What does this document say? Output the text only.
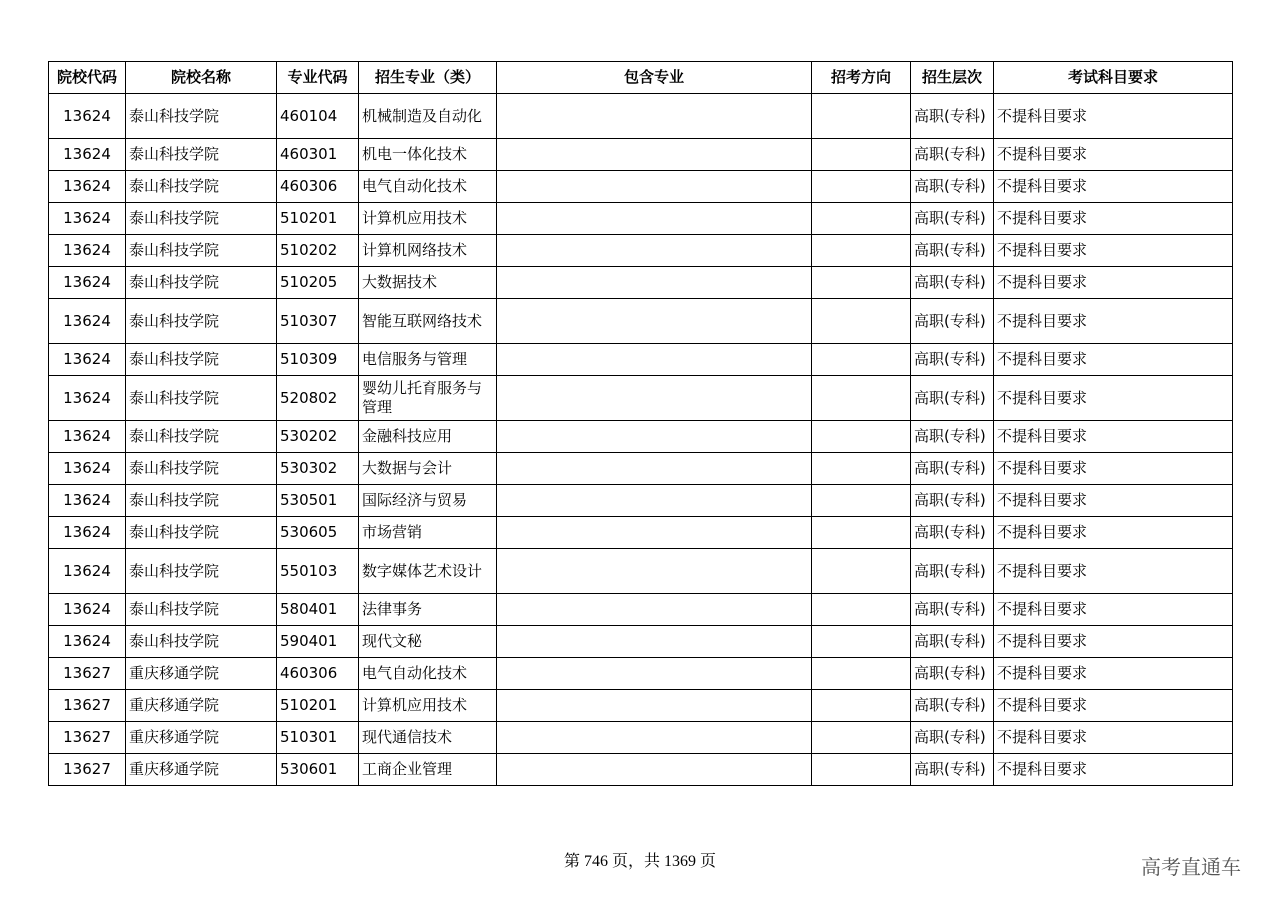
院校代码	院校名称	专业代码	招生专业（类）	包含专业	招考方向	招生层次	考试科目要求
13624	泰山科技学院	460104	机械制造及自动化			高职(专科)	不提科目要求
13624	泰山科技学院	460301	机电一体化技术			高职(专科)	不提科目要求
13624	泰山科技学院	460306	电气自动化技术			高职(专科)	不提科目要求
13624	泰山科技学院	510201	计算机应用技术			高职(专科)	不提科目要求
13624	泰山科技学院	510202	计算机网络技术			高职(专科)	不提科目要求
13624	泰山科技学院	510205	大数据技术			高职(专科)	不提科目要求
13624	泰山科技学院	510307	智能互联网络技术			高职(专科)	不提科目要求
13624	泰山科技学院	510309	电信服务与管理			高职(专科)	不提科目要求
13624	泰山科技学院	520802	婴幼儿托育服务与管理			高职(专科)	不提科目要求
13624	泰山科技学院	530202	金融科技应用			高职(专科)	不提科目要求
13624	泰山科技学院	530302	大数据与会计			高职(专科)	不提科目要求
13624	泰山科技学院	530501	国际经济与贸易			高职(专科)	不提科目要求
13624	泰山科技学院	530605	市场营销			高职(专科)	不提科目要求
13624	泰山科技学院	550103	数字媒体艺术设计			高职(专科)	不提科目要求
13624	泰山科技学院	580401	法律事务			高职(专科)	不提科目要求
13624	泰山科技学院	590401	现代文秘			高职(专科)	不提科目要求
13627	重庆移通学院	460306	电气自动化技术			高职(专科)	不提科目要求
13627	重庆移通学院	510201	计算机应用技术			高职(专科)	不提科目要求
13627	重庆移通学院	510301	现代通信技术			高职(专科)	不提科目要求
13627	重庆移通学院	530601	工商企业管理			高职(专科)	不提科目要求
第 746 页，共 1369 页	高考直通车
